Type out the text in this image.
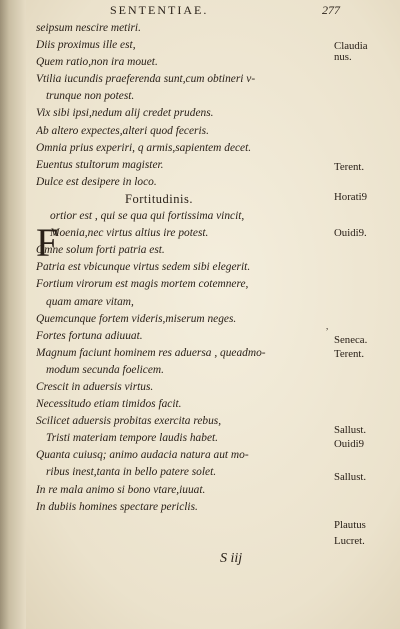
SENTENTIAE.	277
seipsum nescire metiri.
Diis proximus ille est,
Quem ratio,non ira mouet.
Vtilia iucundis praeferenda sunt,cum obtineri v-
trunque non potest.
Vix sibi ipsi,nedum alij credet prudens.
Ab altero expectes,alteri quod feceris.
Omnia prius experiri, q armis,sapientem decet.
Euentus stultorum magister.
Dulce est desipere in loco.
Fortitudinis.
ortior est , qui se qua qui fortissima vincit,
Moenia,nec virtus altius ire potest.
Omne solum forti patria est.
Patria est vbicunque virtus sedem sibi elegerit.
Fortium virorum est magis mortem cotemnere,
quam amare vitam,
Quemcunque fortem videris,miserum neges.
Fortes fortuna adiuuat.
Magnum faciunt hominem res aduersa , queadmo-
modum secunda foelicem.
Crescit in aduersis virtus.
Necessitudo etiam timidos facit.
Scilicet aduersis probitas exercita rebus,
Tristi materiam tempore laudis habet.
Quanta cuiusq; animo audacia natura aut mo-
ribus inest,tanta in bello patere solet.
In re mala animo si bono vtare,iuuat.
In dubiis homines spectare periclis.
F
Claudia
nus.
Terent.
Horati9
Ouidi9.
,
Seneca.
Terent.
Sallust.
Ouidi9
Sallust.
Plautus
Lucret.
S iij
